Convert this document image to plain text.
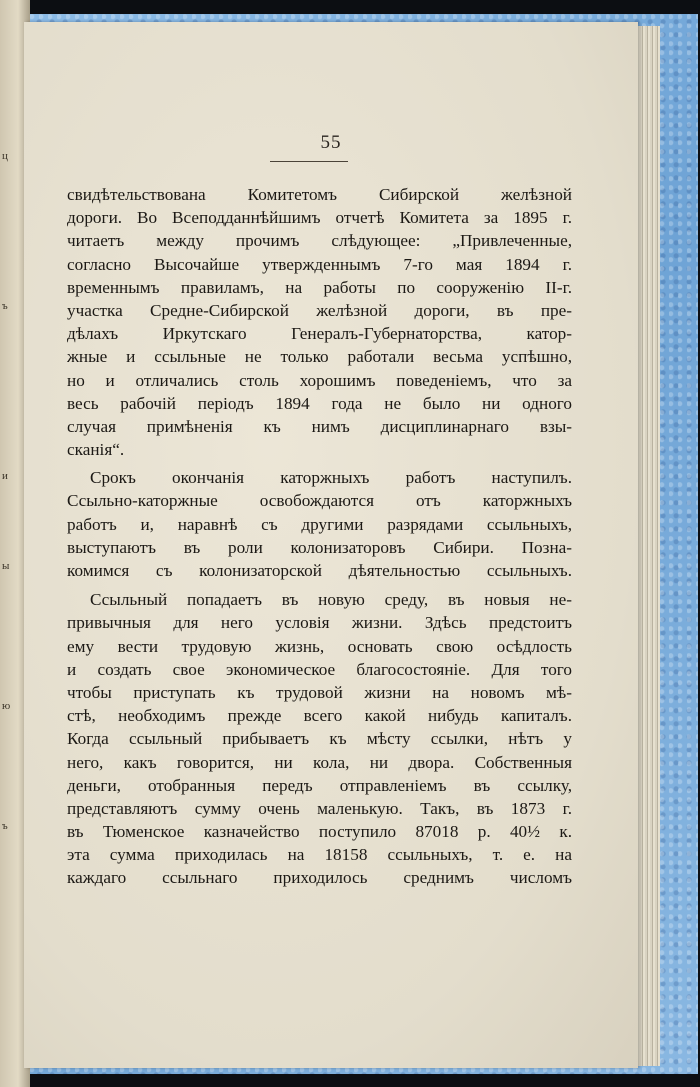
ц
ъ
и
ы
ю
ъ
55
свидѣтельствована Комитетомъ Сибирской желѣзной
дороги. Во Всеподданнѣйшимъ отчетѣ Комитета за 1895 г.
читаетъ между прочимъ слѣдующее: „Привлеченные,
согласно Высочайше утвержденнымъ 7-го мая 1894 г.
временнымъ правиламъ, на работы по сооруженію II-г.
участка Средне-Сибирской желѣзной дороги, въ пре-
дѣлахъ Иркутскаго Генералъ-Губернаторства, катор-
жные и ссыльные не только работали весьма успѣшно,
но и отличались столь хорошимъ поведеніемъ, что за
весь рабочій періодъ 1894 года не было ни одного
случая примѣненія къ нимъ дисциплинарнаго взы-
сканія“.
Срокъ окончанія каторжныхъ работъ наступилъ.
Ссыльно-каторжные освобождаются отъ каторжныхъ
работъ и, наравнѣ съ другими разрядами ссыльныхъ,
выступаютъ въ роли колонизаторовъ Сибири. Позна-
комимся съ колонизаторской дѣятельностью ссыльныхъ.
Ссыльный попадаетъ въ новую среду, въ новыя не-
привычныя для него условія жизни. Здѣсь предстоитъ
ему вести трудовую жизнь, основать свою осѣдлость
и создать свое экономическое благосостояніе. Для того
чтобы приступать къ трудовой жизни на новомъ мѣ-
стѣ, необходимъ прежде всего какой нибудь капиталъ.
Когда ссыльный прибываетъ къ мѣсту ссылки, нѣтъ у
него, какъ говорится, ни кола, ни двора. Собственныя
деньги, отобранныя передъ отправленіемъ въ ссылку,
представляютъ сумму очень маленькую. Такъ, въ 1873 г.
въ Тюменское казначейство поступило 87018 р. 40½ к.
эта сумма приходилась на 18158 ссыльныхъ, т. е. на
каждаго ссыльнаго приходилось среднимъ числомъ
